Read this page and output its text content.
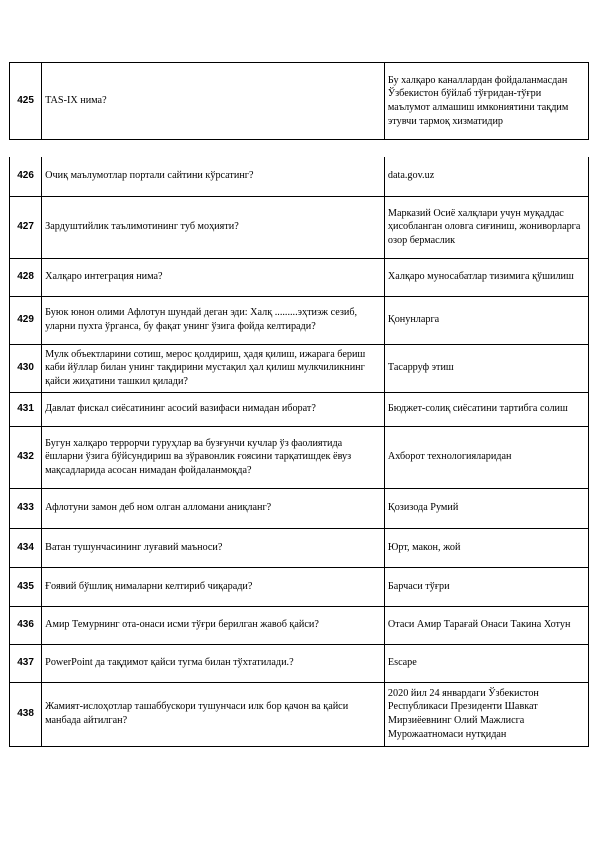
425	TAS-IX нима?	Бу халқаро каналлардан фойдаланмасдан Ўзбекистон бўйлаб тўғридан-тўғри маълумот алмашиш имкониятини тақдим этувчи тармоқ хизматидир
426	Очиқ маълумотлар портали сайтини кўрсатинг?	data.gov.uz
427	Зардуштийлик таълимотининг туб моҳияти?	Марказий Осиё халқлари учун муқаддас ҳисобланган оловга сиғиниш, жониворларга озор бермаслик
428	Халқаро интеграция нима?	Халқаро муносабатлар тизимига қўшилиш
429	Буюк юнон олими Афлотун шундай деган эди: Халқ .........эҳтиэж сезиб, уларни пухта ўрганса, бу фақат унинг ўзига фойда келтиради?	Қонунларга
430	Мулк объектларини сотиш, мерос қолдириш, ҳадя қилиш, ижарага бериш каби йўллар билан унинг тақдирини мустақил ҳал қилиш мулкчиликнинг қайси жиҳатини ташкил қилади?	Тасарруф этиш
431	Давлат фискал сиёсатининг асосий вазифаси нимадан иборат?	Бюджет-солиқ сиёсатини тартибга солиш
432	Бугун халқаро террорчи гуруҳлар ва бузғунчи кучлар ўз фаолиятида ёшларни ўзига бўйсундириш ва зўравонлик ғоясини тарқатишдек ёвуз мақсадларида асосан нимадан фойдаланмоқда?	Ахборот технологияларидан
433	Афлотуни замон деб ном олган алломани аниқланг?	Қозизода Румий
434	Ватан тушунчасининг луғавий маъноси?	Юрт, макон, жой
435	Ғоявий бўшлиқ нималарни келтириб чиқаради?	Барчаси тўғри
436	Амир Темурнинг ота-онаси исми тўғри берилган жавоб қайси?	Отаси Амир Тарағай Онаси Такина Хотун
437	PowerPoint да тақдимот қайси тугма билан тўхтатилади.?	Escape
438	Жамият-ислоҳотлар ташаббускори тушунчаси илк бор қачон ва қайси манбада айтилган?	2020 йил 24 январдаги Ўзбекистон Республикаси Президенти Шавкат Мирзиёевнинг Олий Мажлисга Мурожаатномаси нутқидан
